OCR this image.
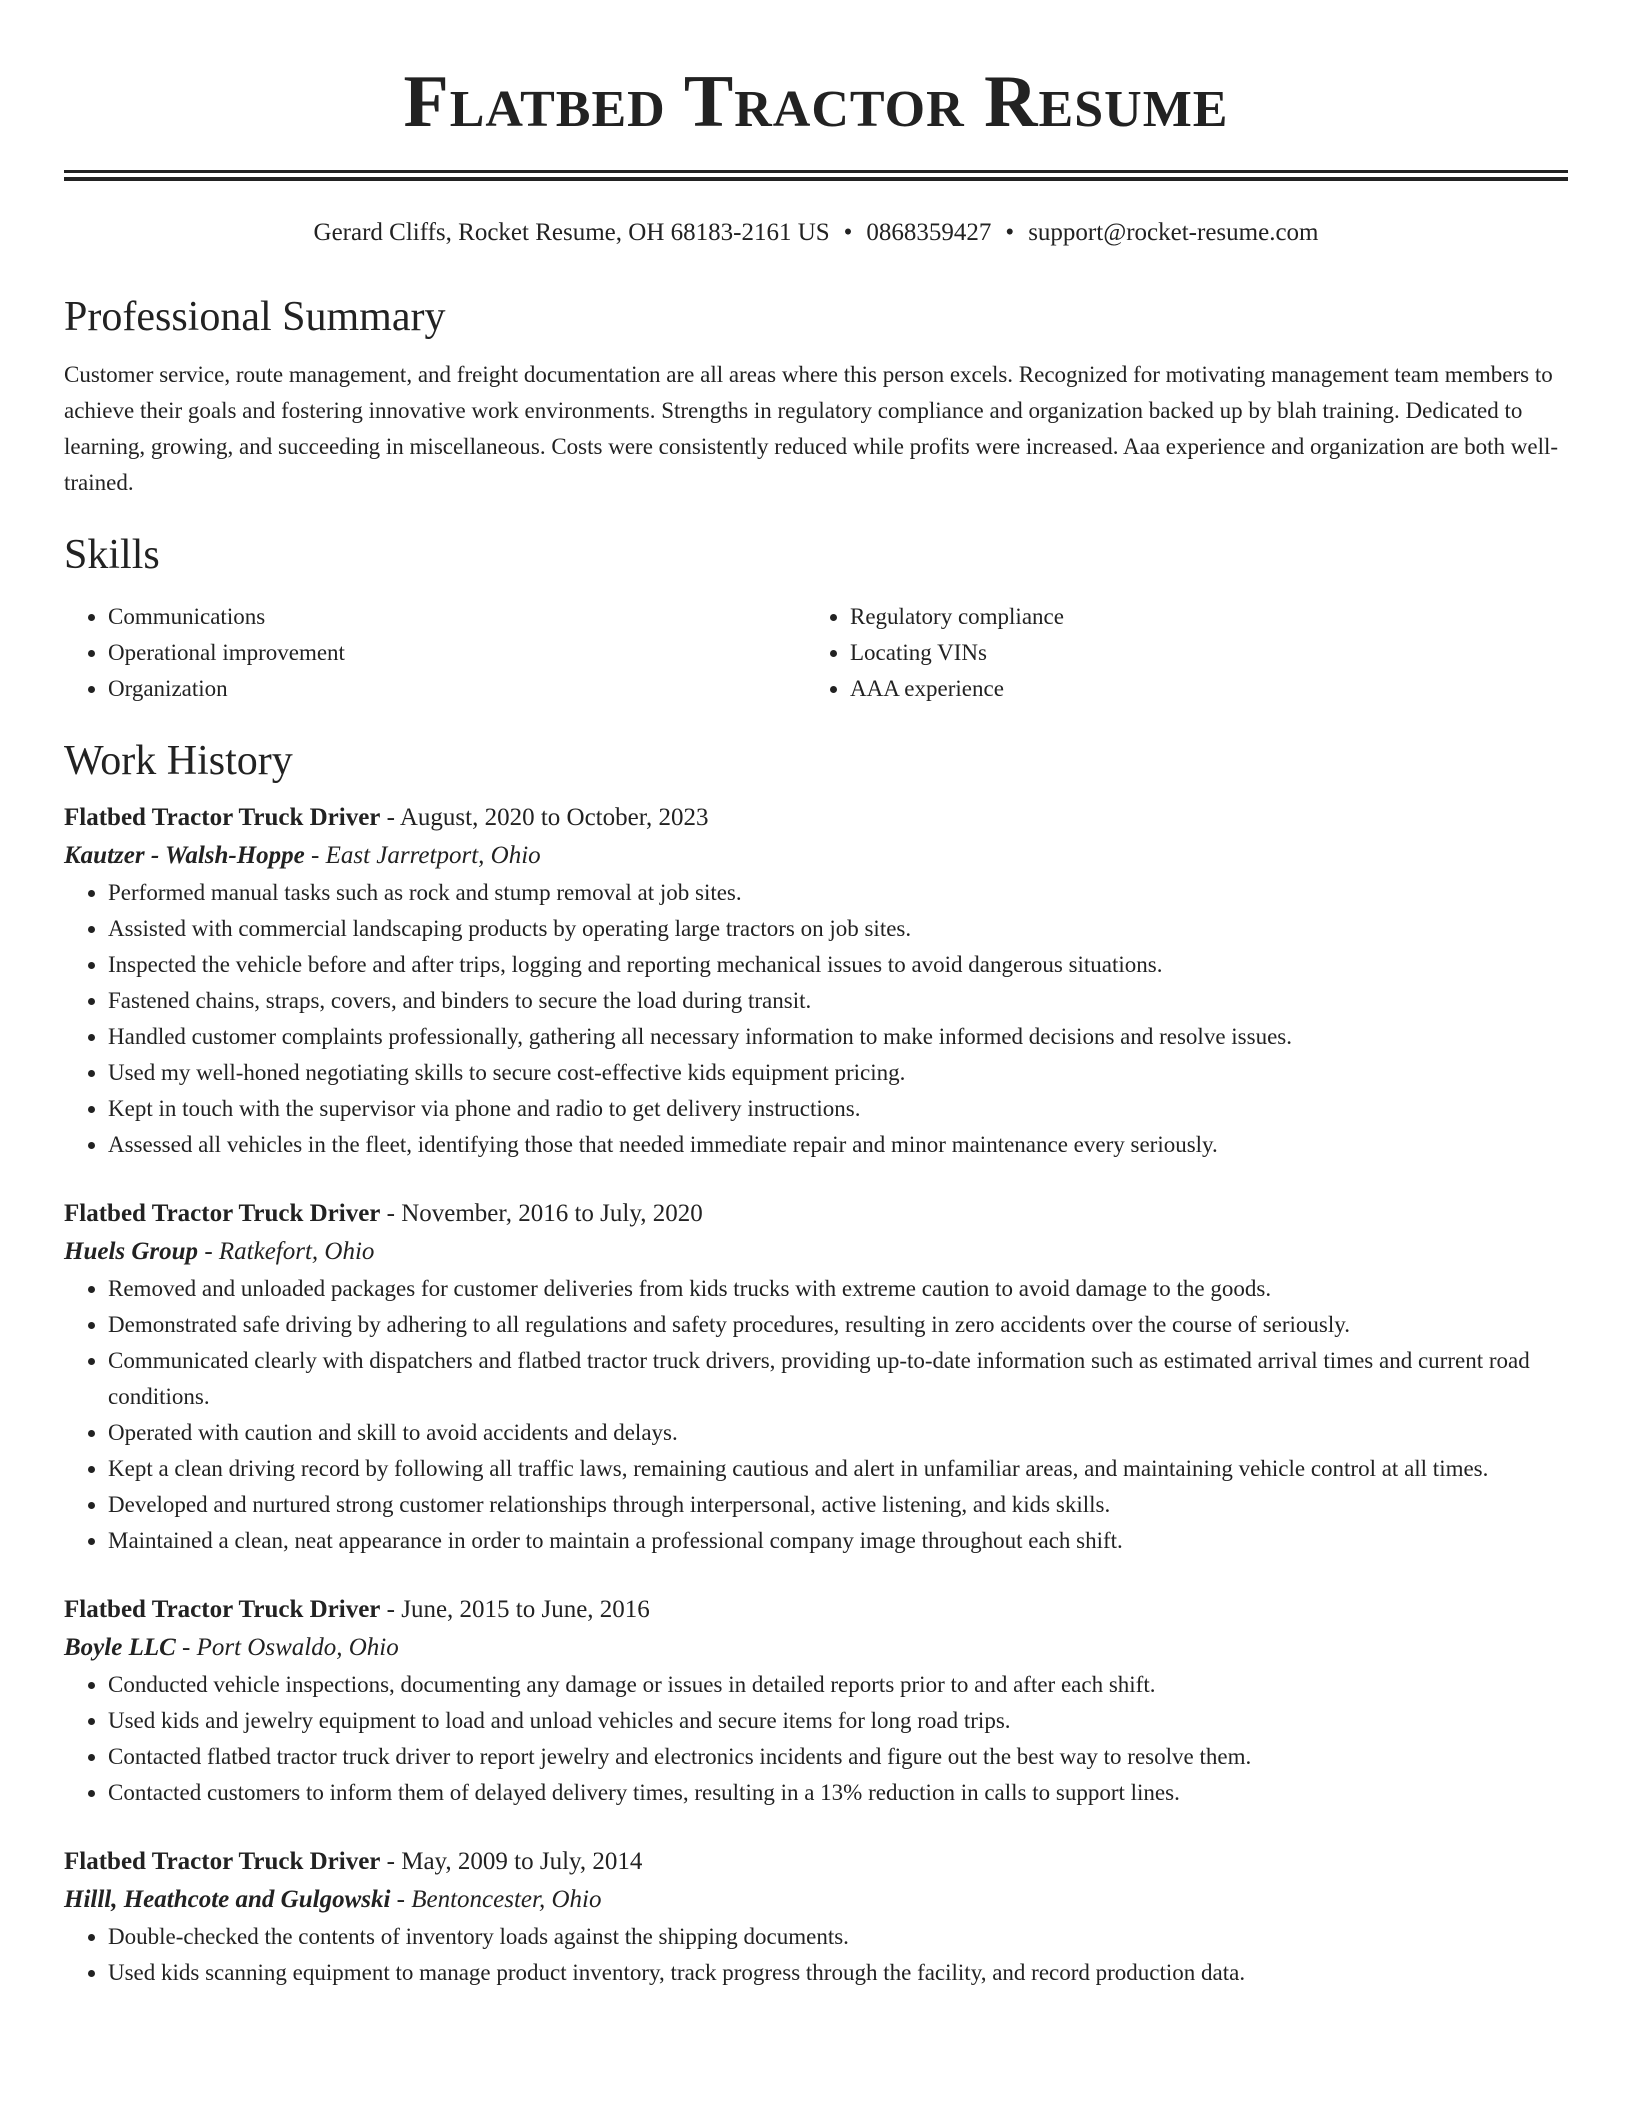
Flatbed Tractor Resume
Gerard Cliffs, Rocket Resume, OH 68183-2161 US • 0868359427 • support@rocket-resume.com
Professional Summary

Customer service, route management, and freight documentation are all areas where this person excels. Recognized for motivating management team members to achieve their goals and fostering innovative work environments. Strengths in regulatory compliance and organization backed up by blah training. Dedicated to learning, growing, and succeeding in miscellaneous. Costs were consistently reduced while profits were increased. Aaa experience and organization are both well-trained.

Skills
• Communications
• Operational improvement
• Organization
• Regulatory compliance
• Locating VINs
• AAA experience
Work History
Flatbed Tractor Truck Driver - August, 2020 to October, 2023
Kautzer - Walsh-Hoppe - East Jarretport, Ohio
• Performed manual tasks such as rock and stump removal at job sites.
• Assisted with commercial landscaping products by operating large tractors on job sites.
• Inspected the vehicle before and after trips, logging and reporting mechanical issues to avoid dangerous situations.
• Fastened chains, straps, covers, and binders to secure the load during transit.
• Handled customer complaints professionally, gathering all necessary information to make informed decisions and resolve issues.
• Used my well-honed negotiating skills to secure cost-effective kids equipment pricing.
• Kept in touch with the supervisor via phone and radio to get delivery instructions.
• Assessed all vehicles in the fleet, identifying those that needed immediate repair and minor maintenance every seriously.
Flatbed Tractor Truck Driver - November, 2016 to July, 2020
Huels Group - Ratkefort, Ohio
• Removed and unloaded packages for customer deliveries from kids trucks with extreme caution to avoid damage to the goods.
• Demonstrated safe driving by adhering to all regulations and safety procedures, resulting in zero accidents over the course of seriously.
• Communicated clearly with dispatchers and flatbed tractor truck drivers, providing up-to-date information such as estimated arrival times and current road conditions.
• Operated with caution and skill to avoid accidents and delays.
• Kept a clean driving record by following all traffic laws, remaining cautious and alert in unfamiliar areas, and maintaining vehicle control at all times.
• Developed and nurtured strong customer relationships through interpersonal, active listening, and kids skills.
• Maintained a clean, neat appearance in order to maintain a professional company image throughout each shift.
Flatbed Tractor Truck Driver - June, 2015 to June, 2016
Boyle LLC - Port Oswaldo, Ohio
• Conducted vehicle inspections, documenting any damage or issues in detailed reports prior to and after each shift.
• Used kids and jewelry equipment to load and unload vehicles and secure items for long road trips.
• Contacted flatbed tractor truck driver to report jewelry and electronics incidents and figure out the best way to resolve them.
• Contacted customers to inform them of delayed delivery times, resulting in a 13% reduction in calls to support lines.
Flatbed Tractor Truck Driver - May, 2009 to July, 2014
Hilll, Heathcote and Gulgowski - Bentoncester, Ohio
• Double-checked the contents of inventory loads against the shipping documents.
• Used kids scanning equipment to manage product inventory, track progress through the facility, and record production data.
